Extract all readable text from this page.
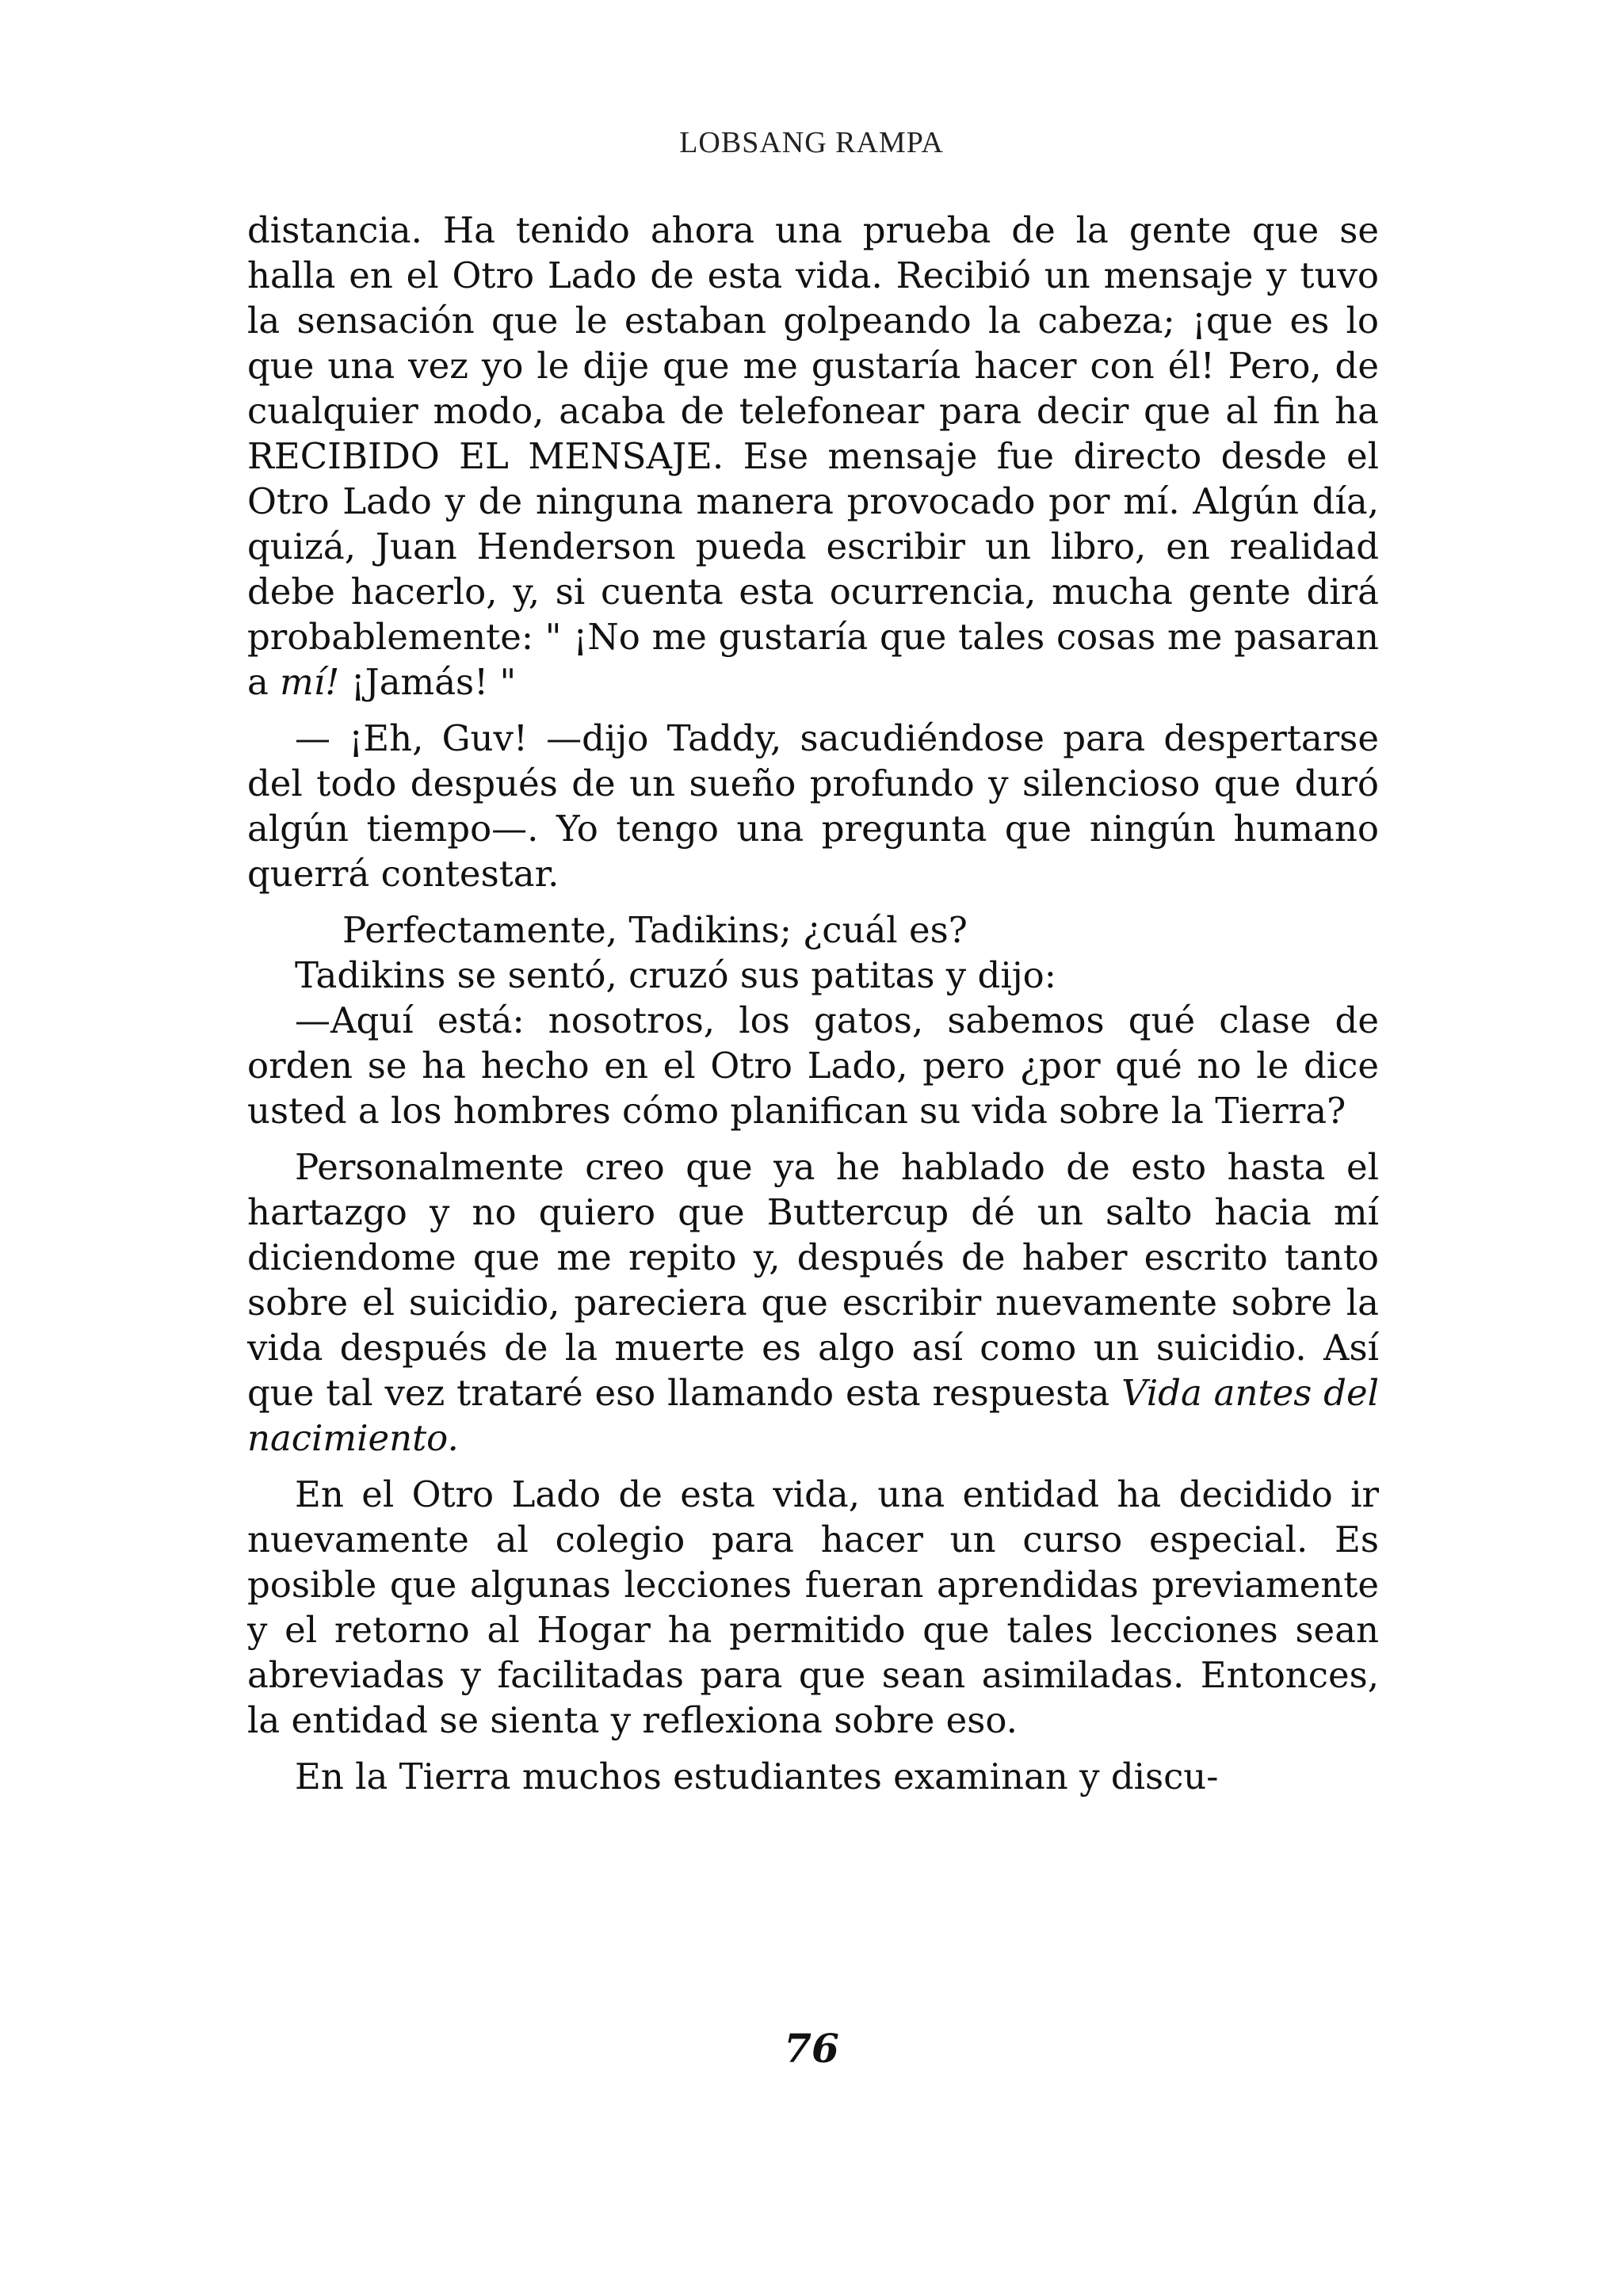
LOBSANG RAMPA

distancia. Ha tenido ahora una prueba de la gente que se halla en el Otro Lado de esta vida. Recibió un mensaje y tuvo la sensación que le estaban golpeando la cabeza; ¡que es lo que una vez yo le dije que me gustaría hacer con él! Pero, de cualquier modo, acaba de telefonear para decir que al fin ha RECIBIDO EL MENSAJE. Ese mensaje fue directo desde el Otro Lado y de ninguna manera provocado por mí. Algún día, quizá, Juan Henderson pueda escribir un libro, en realidad debe hacerlo, y, si cuenta esta ocurrencia, mucha gente dirá probablemente: " ¡No me gustaría que tales cosas me pasaran a mí! ¡Jamás! "

— ¡Eh, Guv! —dijo Taddy, sacudiéndose para despertarse del todo después de un sueño profundo y silencioso que duró algún tiempo—. Yo tengo una pregunta que ningún humano querrá contestar.

Perfectamente, Tadikins; ¿cuál es?

Tadikins se sentó, cruzó sus patitas y dijo:

—Aquí está: nosotros, los gatos, sabemos qué clase de orden se ha hecho en el Otro Lado, pero ¿por qué no le dice usted a los hombres cómo planifican su vida sobre la Tierra?

Personalmente creo que ya he hablado de esto hasta el hartazgo y no quiero que Buttercup dé un salto hacia mí diciendome que me repito y, después de haber escrito tanto sobre el suicidio, pareciera que escribir nuevamente sobre la vida después de la muerte es algo así como un suicidio. Así que tal vez trataré eso llamando esta respuesta Vida antes del nacimiento.

En el Otro Lado de esta vida, una entidad ha decidido ir nuevamente al colegio para hacer un curso especial. Es posible que algunas lecciones fueran aprendidas previamente y el retorno al Hogar ha permitido que tales lecciones sean abreviadas y facilitadas para que sean asimiladas. Entonces, la entidad se sienta y reflexiona sobre eso.

En la Tierra muchos estudiantes examinan y discu-

76
